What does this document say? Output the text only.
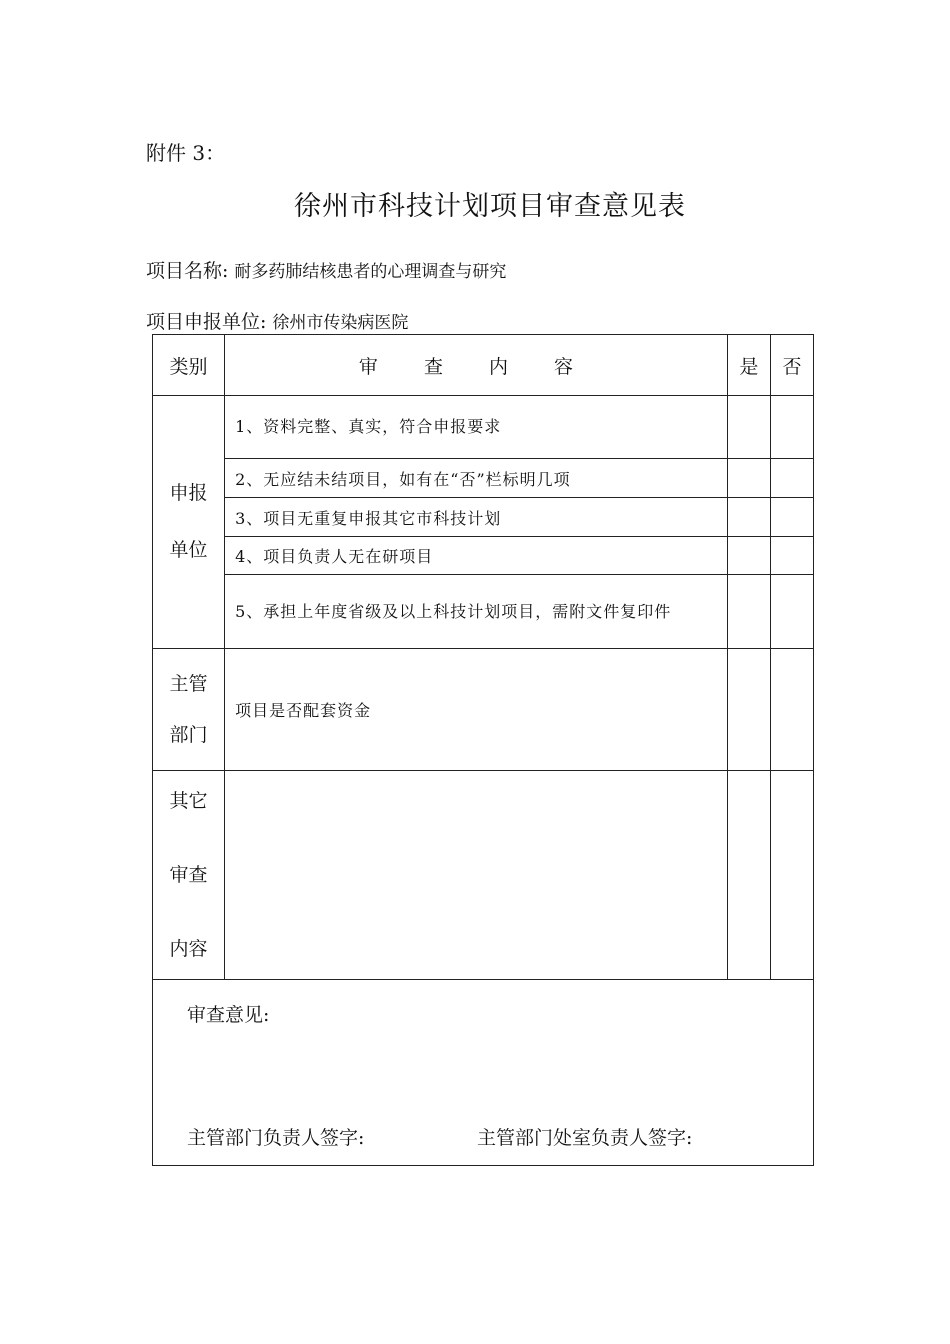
附件 3：
徐州市科技计划项目审查意见表
项目名称: 耐多药肺结核患者的心理调查与研究
项目申报单位: 徐州市传染病医院
类别	审 查 内 容	是	否

申报
单位	1、资料完整、真实，符合申报要求		
	2、无应结未结项目，如有在“否”栏标明几项		
	3、项目无重复申报其它市科技计划		
	4、项目负责人无在研项目		
	5、承担上年度省级及以上科技计划项目，需附文件复印件		

主管
部门	项目是否配套资金		

其它
审查
内容			

审查意见:
主管部门负责人签字: 主管部门处室负责人签字:			
